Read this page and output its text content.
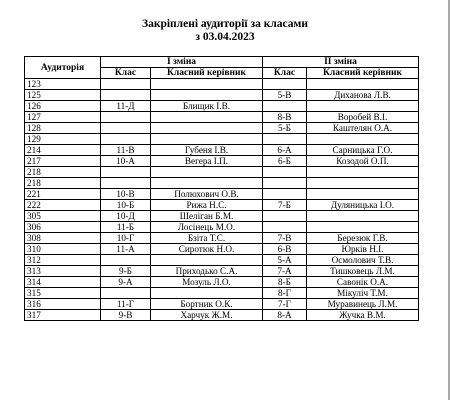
Закріплені аудиторії за класами
з 03.04.2023
Аудиторія	І зміна		ІІ зміна	
	Клас	Класний керівник	Клас	Класний керівник
123				
125			5-В	Диханова Л.В.
126	11-Д	Блищик І.В.		
127			8-В	Воробей В.І.
128			5-Б	Каштелян О.А.
129				
214	11-В	Губеня І.В.	6-А	Сарницька Г.О.
217	10-А	Вегера І.П.	6-Б	Козодой О.П.
218				
218				
221	10-В	Полюхович О.В.		
222	10-Б	Рижа Н.С.	7-Б	Дуляницька І.О.
305	10-Д	Шеліган Б.М.		
306	11-Б	Лосінець М.О.		
308	10-Г	Бзіта Т.С.	7-В	Березюк Г.В.
310	11-А	Сиротюк Н.О.	6-В	Юрків Н.І.
312			5-А	Осмолович Т.В.
313	9-Б	Приходько С.А.	7-А	Тишковець Л.М.
314	9-А	Мозуль Л.О.	8-Б	Савонік О.А.
315			8-Г	Мікуліч Т.М.
316	11-Г	Бортник О.К.	7-Г	Муравинець Л.М.
317	9-В	Харчук Ж.М.	8-А	Жучка В.М.
